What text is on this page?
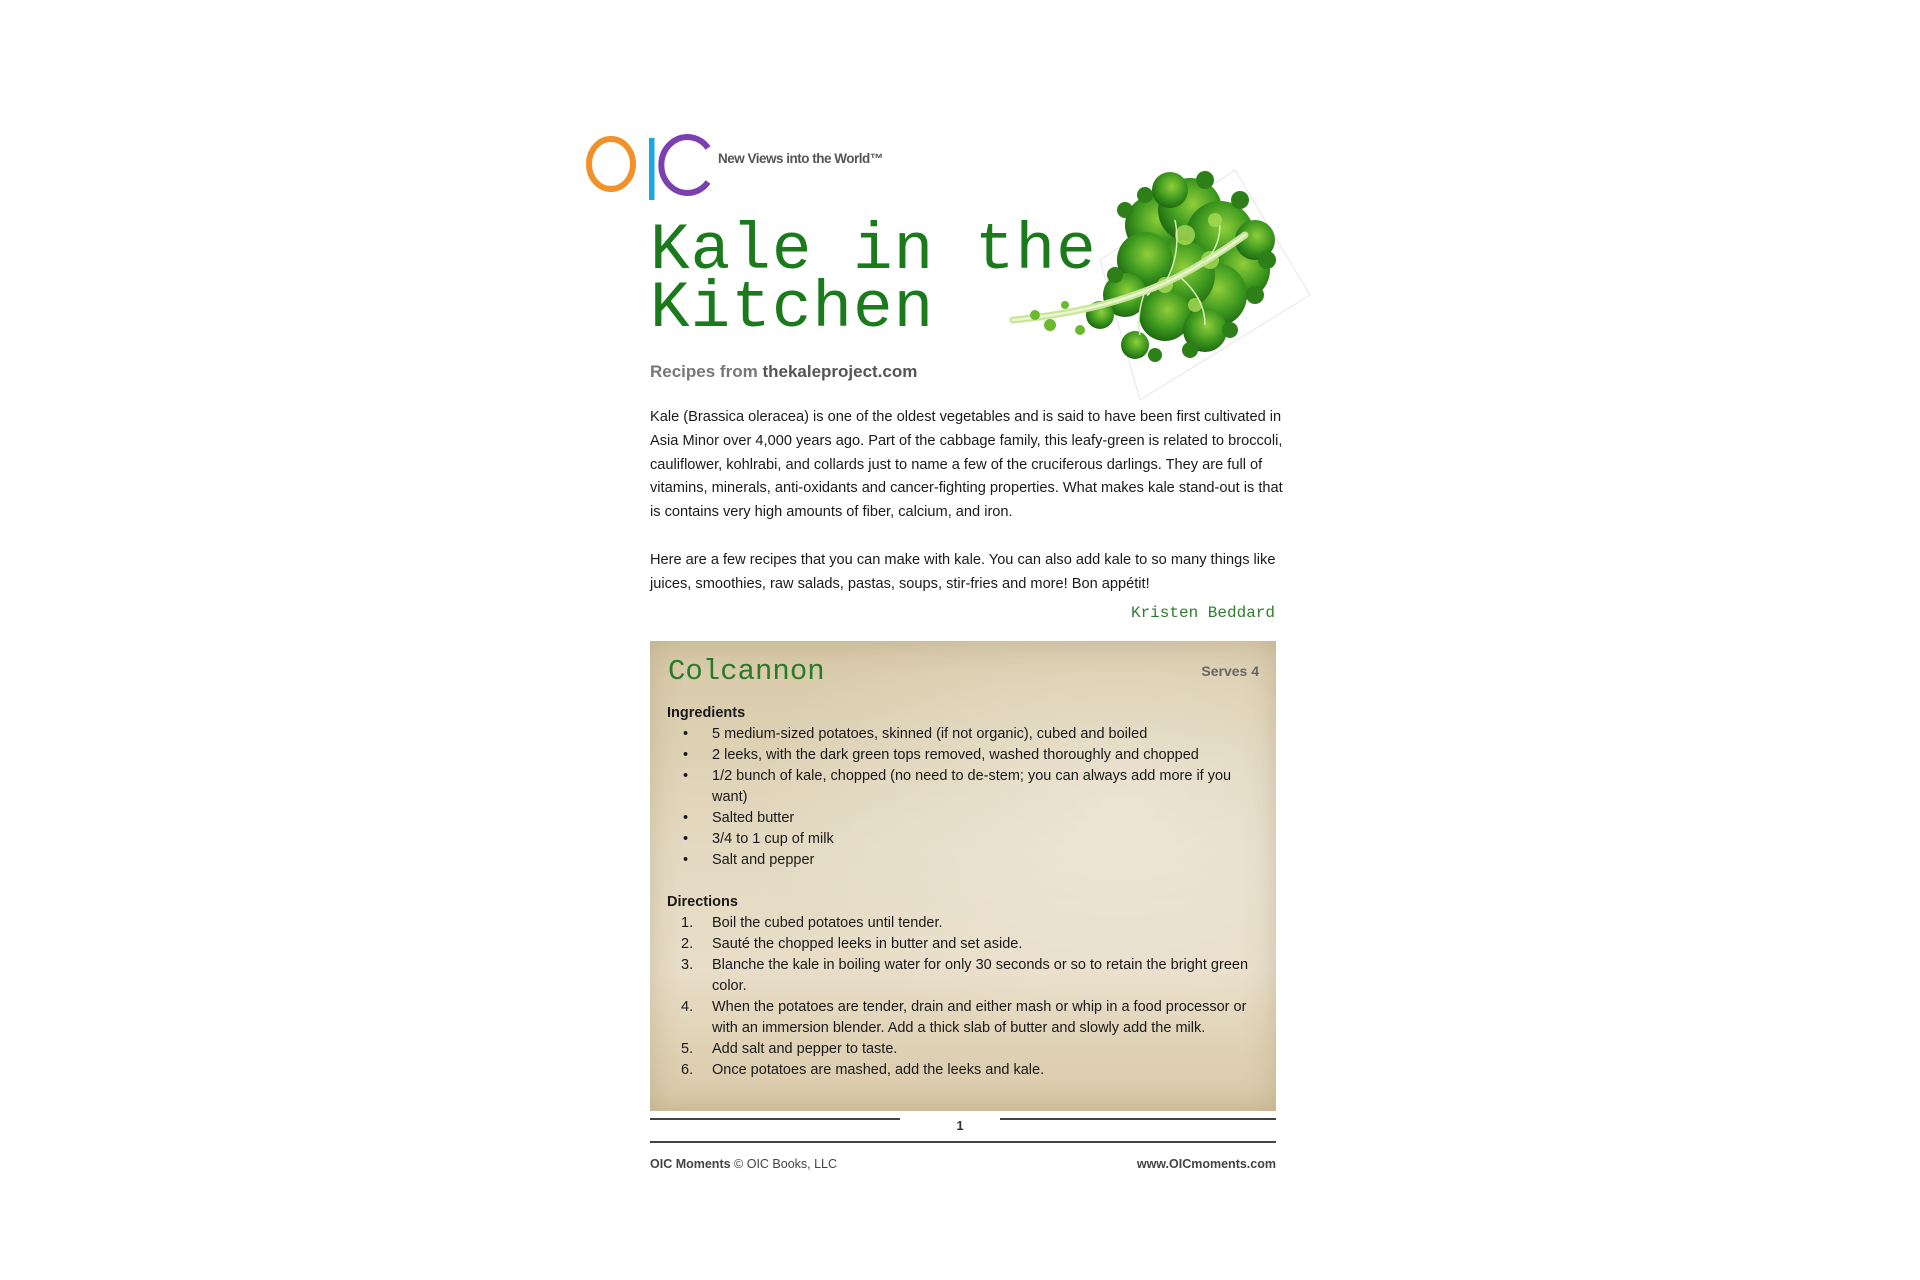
New Views into the World™
Kale in the
Kitchen
Recipes from thekaleproject.com

Kale (Brassica oleracea) is one of the oldest vegetables and is said to have been first cultivated in Asia Minor over 4,000 years ago. Part of the cabbage family, this leafy-green is related to broccoli, cauliflower, kohlrabi, and collards just to name a few of the cruciferous darlings. They are full of vitamins, minerals, anti-oxidants and cancer-fighting properties. What makes kale stand-out is that is contains very high amounts of fiber, calcium, and iron.

Here are a few recipes that you can make with kale. You can also add kale to so many things like juices, smoothies, raw salads, pastas, soups, stir-fries and more! Bon appétit!

Kristen Beddard
Colcannon	Serves 4

Ingredients

• 5 medium-sized potatoes, skinned (if not organic), cubed and boiled
• 2 leeks, with the dark green tops removed, washed thoroughly and chopped
• 1/2 bunch of kale, chopped (no need to de-stem; you can always add more if you want)
• Salted butter
• 3/4 to 1 cup of milk
• Salt and pepper

Directions

1. Boil the cubed potatoes until tender.
2. Sauté the chopped leeks in butter and set aside.
3. Blanche the kale in boiling water for only 30 seconds or so to retain the bright green color.
4. When the potatoes are tender, drain and either mash or whip in a food processor or with an immersion blender. Add a thick slab of butter and slowly add the milk.
5. Add salt and pepper to taste.
6. Once potatoes are mashed, add the leeks and kale.
1
OIC Moments © OIC Books, LLC	www.OICmoments.com
